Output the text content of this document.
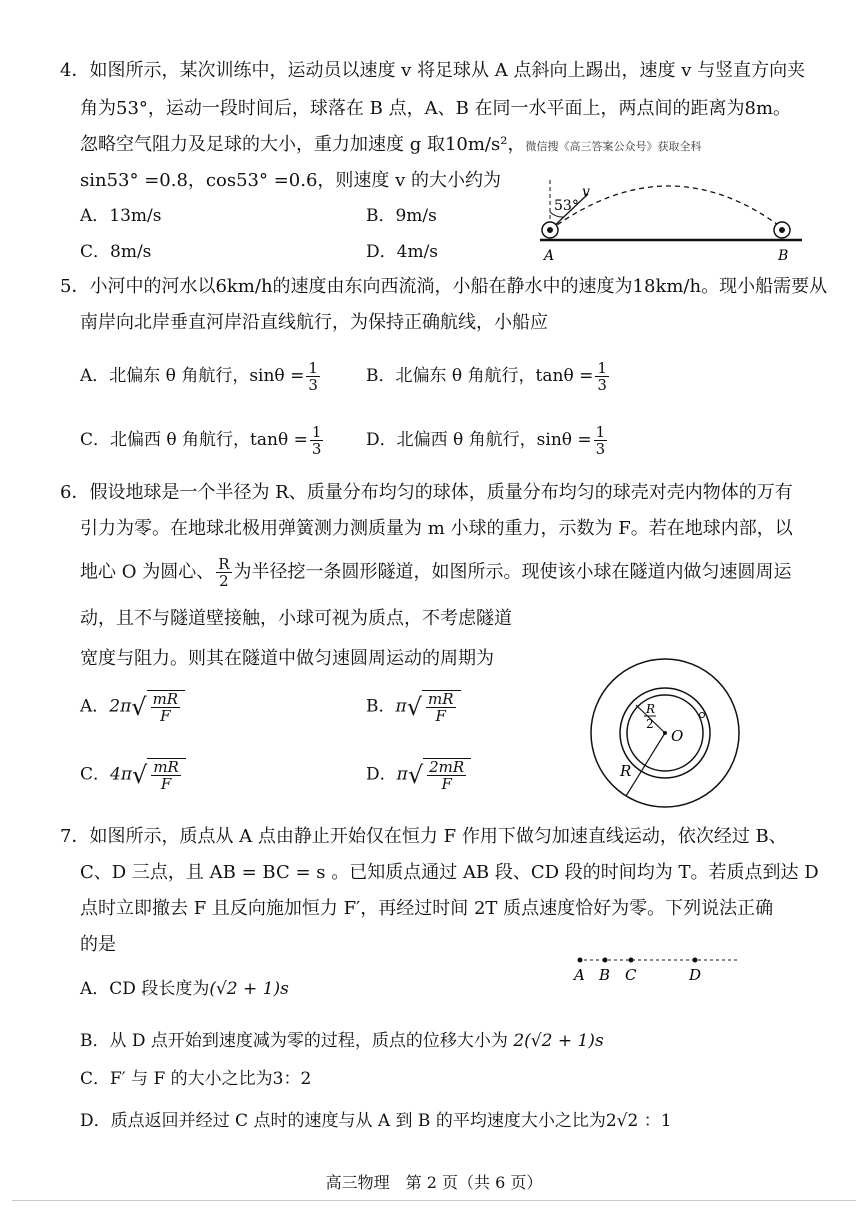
4．如图所示，某次训练中，运动员以速度 v 将足球从 A 点斜向上踢出，速度 v 与竖直方向夹
角为53°，运动一段时间后，球落在 B 点，A、B 在同一水平面上，两点间的距离为8m。
忽略空气阻力及足球的大小，重力加速度 g 取10m/s²，微信搜《高三答案公众号》获取全科
sin53° =0.8，cos53° =0.6，则速度 v 的大小约为
A．13m/s	B．9m/s
C．8m/s	D．4m/s
53°
v
A	B
5．小河中的河水以6km/h的速度由东向西流淌，小船在静水中的速度为18km/h。现小船需要从
南岸向北岸垂直河岸沿直线航行，为保持正确航线，小船应
A．北偏东 θ 角航行，$\sin\theta = \frac{1}{3}$	B．北偏东 θ 角航行，$\tan\theta = \frac{1}{3}$
C．北偏西 θ 角航行，$\tan\theta = \frac{1}{3}$	D．北偏西 θ 角航行，$\sin\theta = \frac{1}{3}$
6．假设地球是一个半径为 R、质量分布均匀的球体，质量分布均匀的球壳对壳内物体的万有
引力为零。在地球北极用弹簧测力测质量为 m 小球的重力，示数为 F。若在地球内部，以
地心 O 为圆心、 $\frac{R}{2}$ 为半径挖一条圆形隧道，如图所示。现使该小球在隧道内做匀速圆周运
动，且不与隧道壁接触，小球可视为质点，不考虑隧道
宽度与阻力。则其在隧道中做匀速圆周运动的周期为
A．$2\pi√ \frac{mR}{F}$	B．$\pi√ \frac{mR}{F}$
C．$4\pi√ \frac{mR}{F}$	D．$\pi√ \frac{2mR}{F}$
R
2
O
R
7．如图所示，质点从 A 点由静止开始仅在恒力 F 作用下做匀加速直线运动，依次经过 B、
C、D 三点，且 AB = BC = s 。已知质点通过 AB 段、CD 段的时间均为 T。若质点到达 D
点时立即撤去 F 且反向施加恒力 F′，再经过时间 2T 质点速度恰好为零。下列说法正确
的是
A B C	D
A．CD 段长度为(√2 + 1)s
B．从 D 点开始到速度减为零的过程，质点的位移大小为 2(√2 + 1)s
C．F′ 与 F 的大小之比为3：2
D．质点返回并经过 C 点时的速度与从 A 到 B 的平均速度大小之比为2√2 ：1
高三物理　第 2 页（共 6 页）
